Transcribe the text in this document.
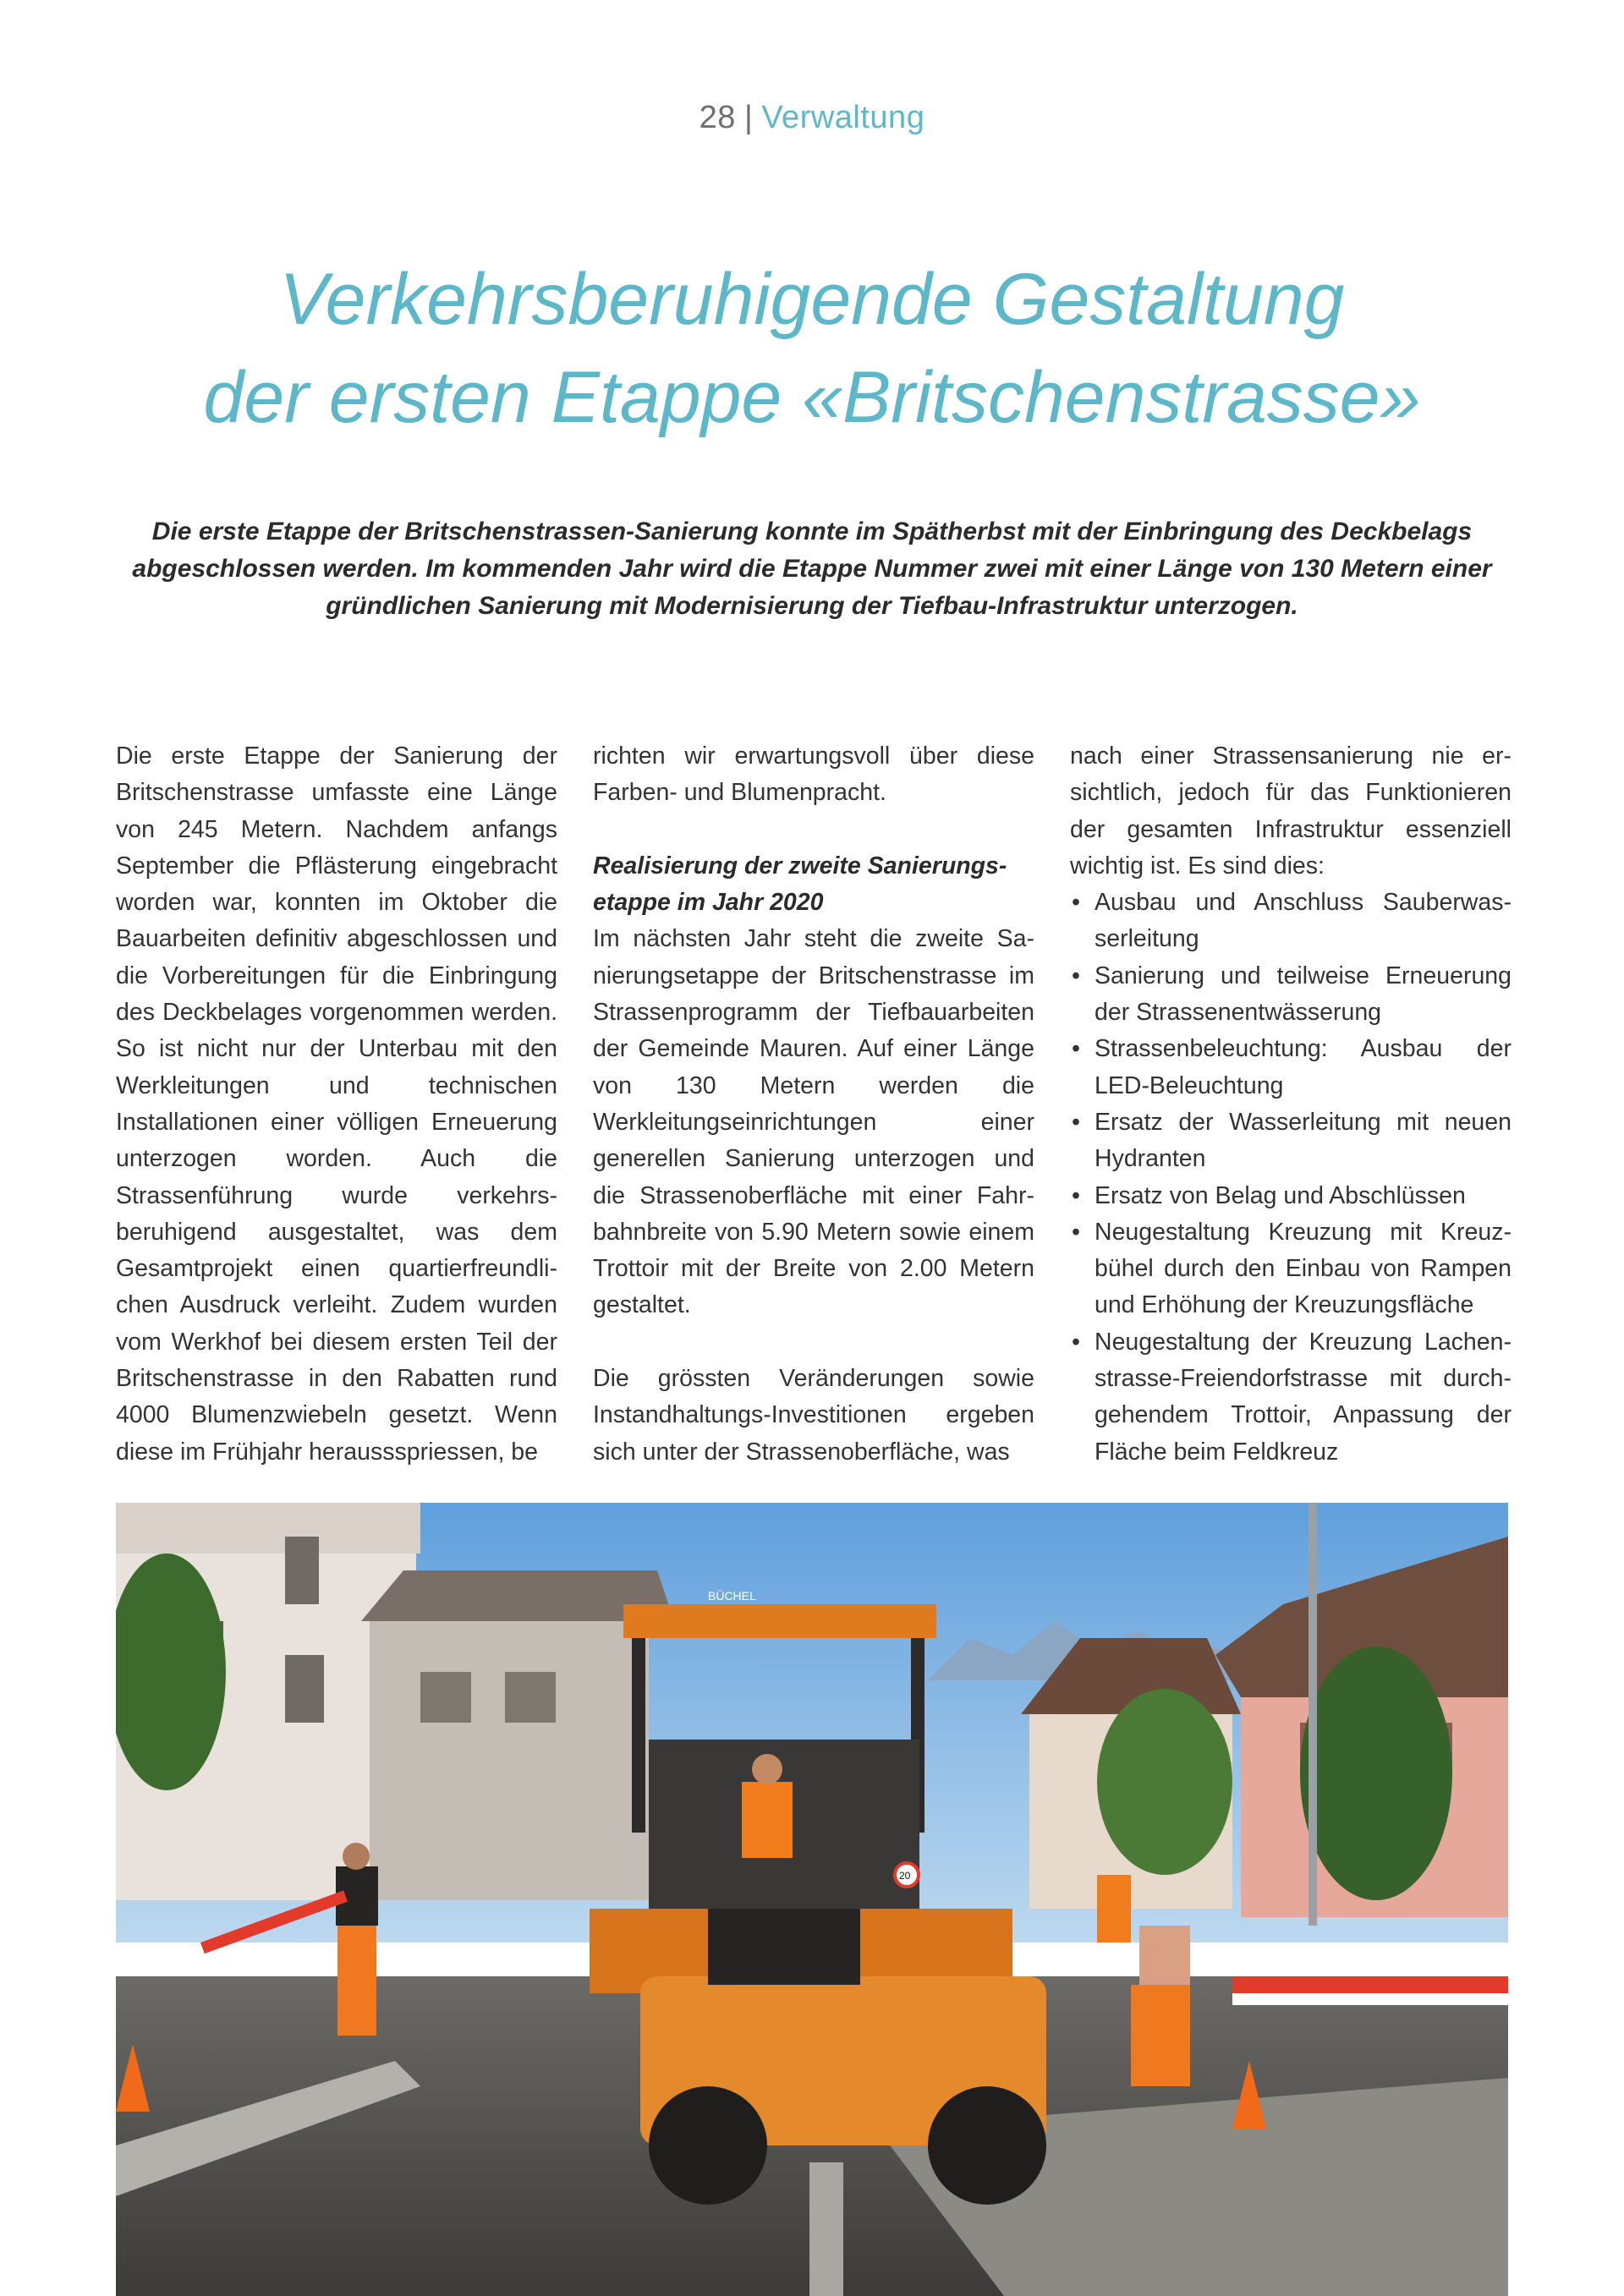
28 | Verwaltung
Verkehrsberuhigende Gestaltung
der ersten Etappe «Britschenstrasse»
Die erste Etappe der Britschenstrassen-Sanierung konnte im Spätherbst mit der Einbringung des Deckbelags abgeschlossen werden. Im kommenden Jahr wird die Etappe Nummer zwei mit einer Länge von 130 Metern einer gründlichen Sanierung mit Modernisierung der Tiefbau-Infrastruktur unterzogen.

Die erste Etappe der Sanierung der Britschenstrasse umfasste eine Länge von 245 Metern. Nachdem anfangs September die Pflästerung eingebracht worden war, konnten im Oktober die Bauarbeiten definitiv abgeschlossen und die Vorbereitungen für die Einbringung des Deckbelages vorgenommen werden. So ist nicht nur der Unterbau mit den Werkleitungen und technischen Installationen einer völligen Erneuerung unterzogen worden. Auch die Strassenführung wurde verkehrsberuhigend ausgestaltet, was dem Gesamtprojekt einen quartierfreundlichen Ausdruck verleiht. Zudem wurden vom Werkhof bei diesem ersten Teil der Britschenstrasse in den Rabatten rund 4000 Blumenzwiebeln gesetzt. Wenn diese im Frühjahr heraussspriessen, be

richten wir erwartungsvoll über diese Farben- und Blumenpracht.

Realisierung der zweite Sanierungsetappe im Jahr 2020

Im nächsten Jahr steht die zweite Sanierungsetappe der Britschenstrasse im Strassenprogramm der Tiefbauarbeiten der Gemeinde Mauren. Auf einer Länge von 130 Metern werden die Werkleitungseinrichtungen einer generellen Sanierung unterzogen und die Strassenoberfläche mit einer Fahrbahnbreite von 5.90 Metern sowie einem Trottoir mit der Breite von 2.00 Metern gestaltet.

Die grössten Veränderungen sowie Instandhaltungs-Investitionen ergeben sich unter der Strassenoberfläche, was

nach einer Strassensanierung nie ersichtlich, jedoch für das Funktionieren der gesamten Infrastruktur essenziell wichtig ist. Es sind dies:

• Ausbau und Anschluss Sauberwasserleitung
• Sanierung und teilweise Erneuerung der Strassenentwässerung
• Strassenbeleuchtung: Ausbau der LED-Beleuchtung
• Ersatz der Wasserleitung mit neuen Hydranten
• Ersatz von Belag und Abschlüssen
• Neugestaltung Kreuzung mit Kreuzbühel durch den Einbau von Rampen und Erhöhung der Kreuzungsfläche
• Neugestaltung der Kreuzung Lachenstrasse-Freiendorfstrasse mit durchgehendem Trottoir, Anpassung der Fläche beim Feldkreuz
BÜCHEL
20
